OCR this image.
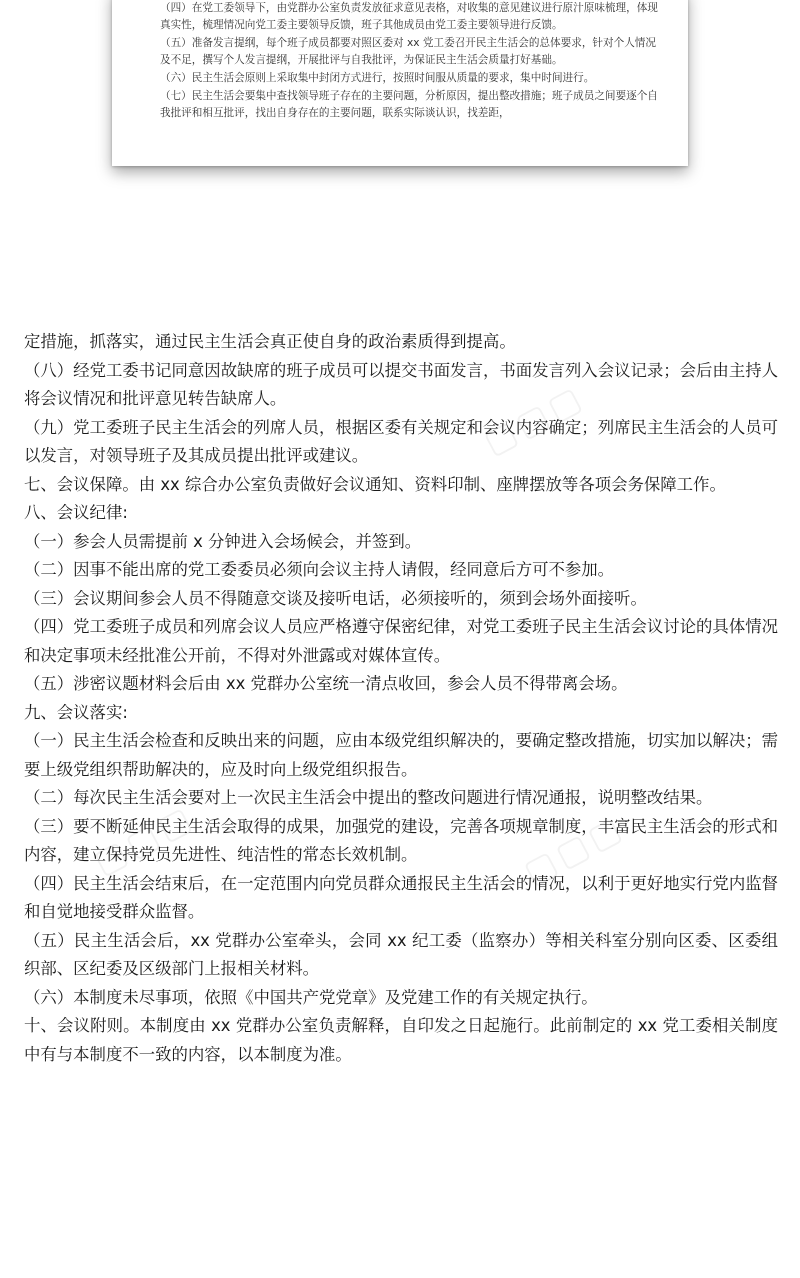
（四）在党工委领导下，由党群办公室负责发放征求意见表格，对收集的意见建议进行原汁原味梳理，体现真实性，梳理情况向党工委主要领导反馈，班子其他成员由党工委主要领导进行反馈。

（五）准备发言提纲，每个班子成员都要对照区委对 xx 党工委召开民主生活会的总体要求，针对个人情况及不足，撰写个人发言提纲，开展批评与自我批评，为保证民主生活会质量打好基础。

（六）民主生活会原则上采取集中封闭方式进行，按照时间服从质量的要求，集中时间进行。

（七）民主生活会要集中查找领导班子存在的主要问题，分析原因，提出整改措施；班子成员之间要逐个自我批评和相互批评，找出自身存在的主要问题，联系实际谈认识，找差距，

▢▢▢
▢▢▢	▢▢▢

定措施，抓落实，通过民主生活会真正使自身的政治素质得到提高。

（八）经党工委书记同意因故缺席的班子成员可以提交书面发言，书面发言列入会议记录；会后由主持人将会议情况和批评意见转告缺席人。

（九）党工委班子民主生活会的列席人员，根据区委有关规定和会议内容确定；列席民主生活会的人员可以发言，对领导班子及其成员提出批评或建议。

七、会议保障。由 xx 综合办公室负责做好会议通知、资料印制、座牌摆放等各项会务保障工作。

八、会议纪律:

（一）参会人员需提前 x 分钟进入会场候会，并签到。

（二）因事不能出席的党工委委员必须向会议主持人请假，经同意后方可不参加。

（三）会议期间参会人员不得随意交谈及接听电话，必须接听的，须到会场外面接听。

（四）党工委班子成员和列席会议人员应严格遵守保密纪律，对党工委班子民主生活会议讨论的具体情况和决定事项未经批准公开前，不得对外泄露或对媒体宣传。

（五）涉密议题材料会后由 xx 党群办公室统一清点收回，参会人员不得带离会场。

九、会议落实:

（一）民主生活会检查和反映出来的问题，应由本级党组织解决的，要确定整改措施，切实加以解决；需要上级党组织帮助解决的，应及时向上级党组织报告。

（二）每次民主生活会要对上一次民主生活会中提出的整改问题进行情况通报，说明整改结果。

（三）要不断延伸民主生活会取得的成果，加强党的建设，完善各项规章制度，丰富民主生活会的形式和内容，建立保持党员先进性、纯洁性的常态长效机制。

（四）民主生活会结束后，在一定范围内向党员群众通报民主生活会的情况，以利于更好地实行党内监督和自觉地接受群众监督。

（五）民主生活会后，xx 党群办公室牵头，会同 xx 纪工委（监察办）等相关科室分别向区委、区委组织部、区纪委及区级部门上报相关材料。

（六）本制度未尽事项，依照《中国共产党党章》及党建工作的有关规定执行。

十、会议附则。本制度由 xx 党群办公室负责解释，自印发之日起施行。此前制定的 xx 党工委相关制度中有与本制度不一致的内容，以本制度为准。
